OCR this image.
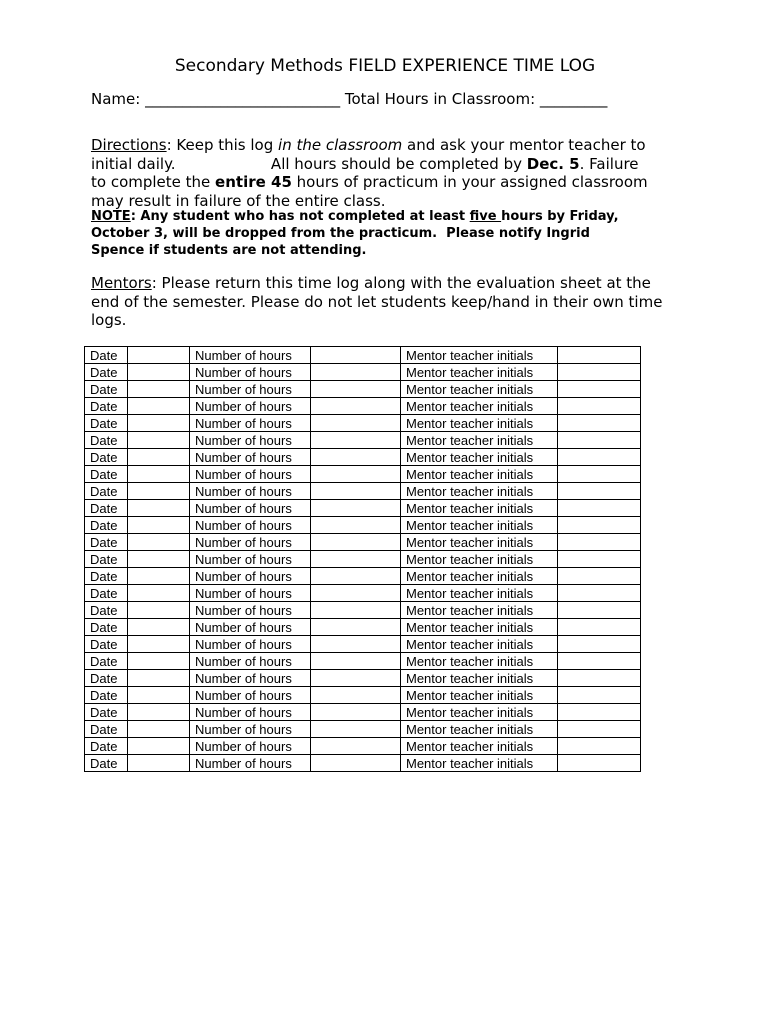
Secondary Methods FIELD EXPERIENCE TIME LOG
Name: __________________________ Total Hours in Classroom: _________
Directions: Keep this log in the classroom and ask your mentor teacher to
initial daily.                    All hours should be completed by Dec. 5. Failure
to complete the entire 45 hours of practicum in your assigned classroom
may result in failure of the entire class.
NOTE: Any student who has not completed at least five hours by Friday,
October 3, will be dropped from the practicum.  Please notify Ingrid
Spence if students are not attending.
Mentors: Please return this time log along with the evaluation sheet at the
end of the semester. Please do not let students keep/hand in their own time
logs.
Date		Number of hours		Mentor teacher initials	
Date		Number of hours		Mentor teacher initials	
Date		Number of hours		Mentor teacher initials	
Date		Number of hours		Mentor teacher initials	
Date		Number of hours		Mentor teacher initials	
Date		Number of hours		Mentor teacher initials	
Date		Number of hours		Mentor teacher initials	
Date		Number of hours		Mentor teacher initials	
Date		Number of hours		Mentor teacher initials	
Date		Number of hours		Mentor teacher initials	
Date		Number of hours		Mentor teacher initials	
Date		Number of hours		Mentor teacher initials	
Date		Number of hours		Mentor teacher initials	
Date		Number of hours		Mentor teacher initials	
Date		Number of hours		Mentor teacher initials	
Date		Number of hours		Mentor teacher initials	
Date		Number of hours		Mentor teacher initials	
Date		Number of hours		Mentor teacher initials	
Date		Number of hours		Mentor teacher initials	
Date		Number of hours		Mentor teacher initials	
Date		Number of hours		Mentor teacher initials	
Date		Number of hours		Mentor teacher initials	
Date		Number of hours		Mentor teacher initials	
Date		Number of hours		Mentor teacher initials	
Date		Number of hours		Mentor teacher initials	
